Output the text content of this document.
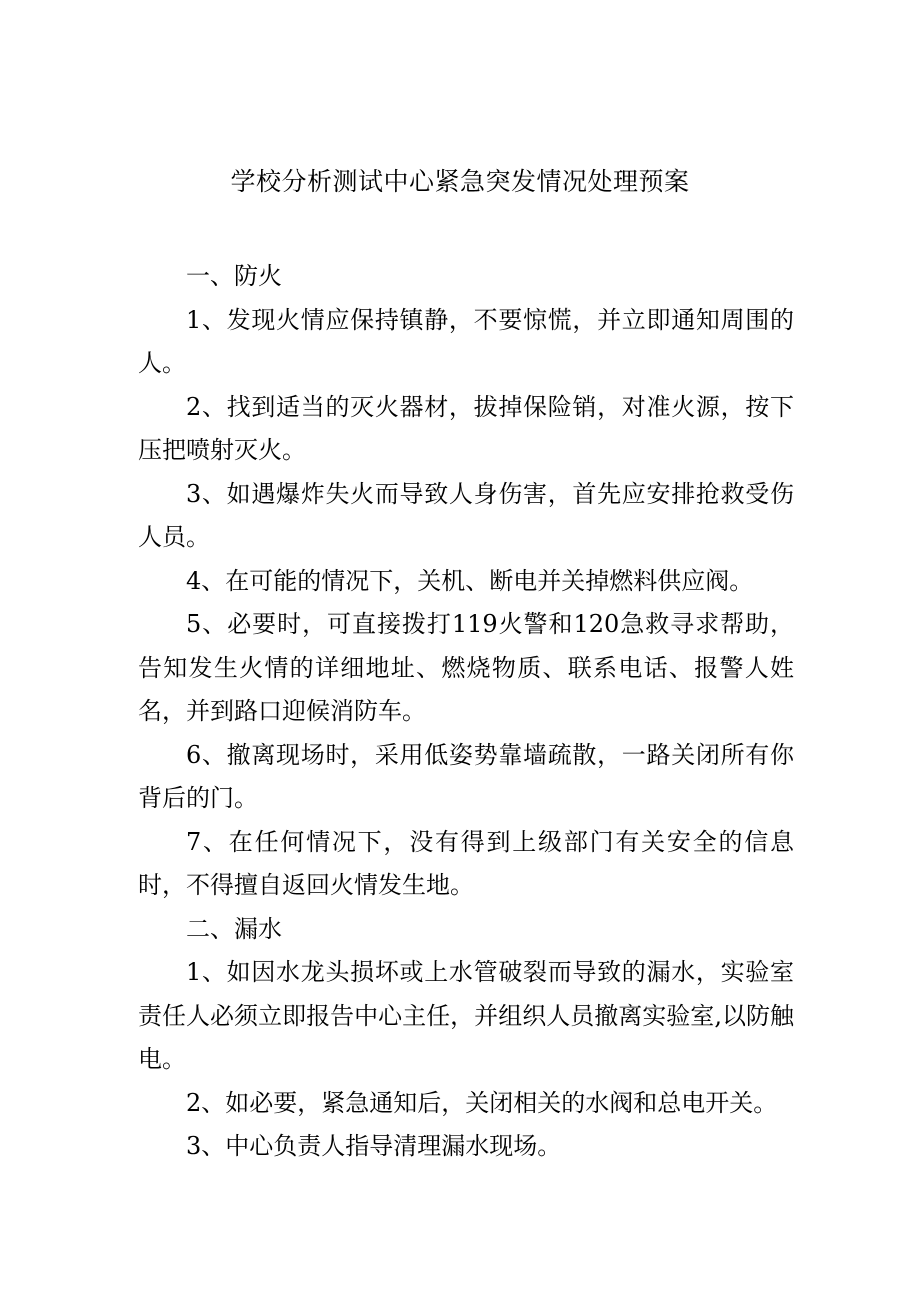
学校分析测试中心紧急突发情况处理预案

一、防火

1、发现火情应保持镇静，不要惊慌，并立即通知周围的人。

2、找到适当的灭火器材，拔掉保险销，对准火源，按下压把喷射灭火。

3、如遇爆炸失火而导致人身伤害，首先应安排抢救受伤人员。

4、在可能的情况下，关机、断电并关掉燃料供应阀。

5、必要时，可直接拨打119火警和120急救寻求帮助，告知发生火情的详细地址、燃烧物质、联系电话、报警人姓名，并到路口迎候消防车。

6、撤离现场时，采用低姿势靠墙疏散，一路关闭所有你背后的门。

7、在任何情况下，没有得到上级部门有关安全的信息时，不得擅自返回火情发生地。

二、漏水

1、如因水龙头损坏或上水管破裂而导致的漏水，实验室责任人必须立即报告中心主任，并组织人员撤离实验室,以防触电。

2、如必要，紧急通知后，关闭相关的水阀和总电开关。

3、中心负责人指导清理漏水现场。
